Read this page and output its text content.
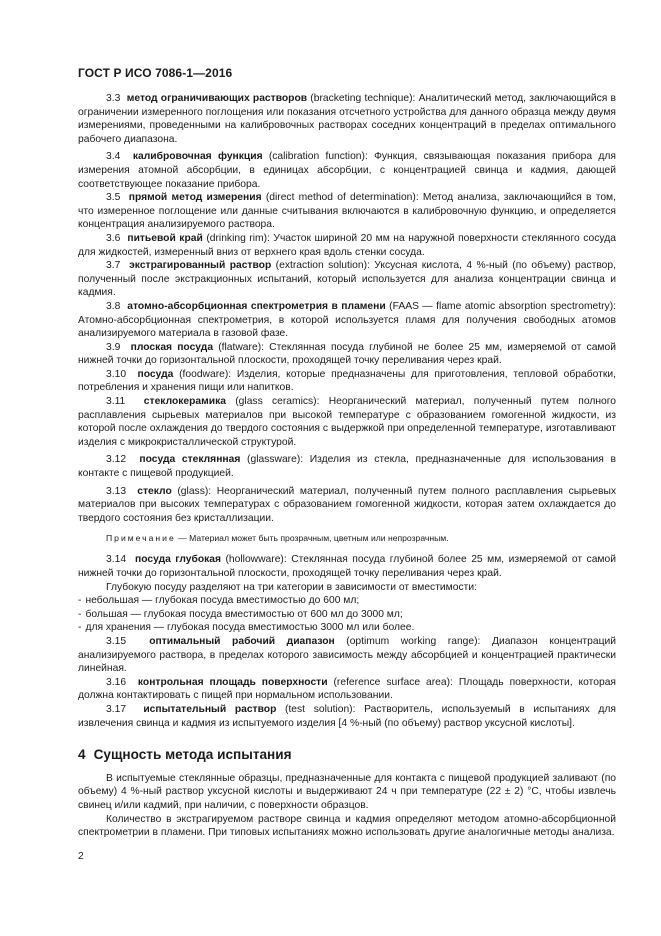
ГОСТ Р ИСО 7086-1—2016

3.3 метод ограничивающих растворов (bracketing technique): Аналитический метод, заключающийся в ограничении измеренного поглощения или показания отсчетного устройства для данного образца между двумя измерениями, проведенными на калибровочных растворах соседних концентраций в пределах оптимального рабочего диапазона.

3.4 калибровочная функция (calibration function): Функция, связывающая показания прибора для измерения атомной абсорбции, в единицах абсорбции, с концентрацией свинца и кадмия, дающей соответствующее показание прибора.

3.5 прямой метод измерения (direct method of determination): Метод анализа, заключающийся в том, что измеренное поглощение или данные считывания включаются в калибровочную функцию, и определяется концентрация анализируемого раствора.

3.6 питьевой край (drinking rim): Участок шириной 20 мм на наружной поверхности стеклянного сосуда для жидкостей, измеренный вниз от верхнего края вдоль стенки сосуда.

3.7 экстрагированный раствор (extraction solution): Уксусная кислота, 4 %-ный (по объему) раствор, полученный после экстракционных испытаний, который используется для анализа концентрации свинца и кадмия.

3.8 атомно-абсорбционная спектрометрия в пламени (FAAS — flame atomic absorption spectrometry): Атомно-абсорбционная спектрометрия, в которой используется пламя для получения свободных атомов анализируемого материала в газовой фазе.

3.9 плоская посуда (flatware): Стеклянная посуда глубиной не более 25 мм, измеряемой от самой нижней точки до горизонтальной плоскости, проходящей точку переливания через край.

3.10 посуда (foodware): Изделия, которые предназначены для приготовления, тепловой обработки, потребления и хранения пищи или напитков.

3.11 стеклокерамика (glass ceramics): Неорганический материал, полученный путем полного расплавления сырьевых материалов при высокой температуре с образованием гомогенной жидкости, из которой после охлаждения до твердого состояния с выдержкой при определенной температуре, изготавливают изделия с микрокристаллической структурой.

3.12 посуда стеклянная (glassware): Изделия из стекла, предназначенные для использования в контакте с пищевой продукцией.

3.13 стекло (glass): Неорганический материал, полученный путем полного расплавления сырьевых материалов при высоких температурах с образованием гомогенной жидкости, которая затем охлаждается до твердого состояния без кристаллизации.

Примечание — Материал может быть прозрачным, цветным или непрозрачным.

3.14 посуда глубокая (hollowware): Стеклянная посуда глубиной более 25 мм, измеряемой от самой нижней точки до горизонтальной плоскости, проходящей точку переливания через край.

Глубокую посуду разделяют на три категории в зависимости от вместимости:

- небольшая — глубокая посуда вместимостью до 600 мл;

- большая — глубокая посуда вместимостью от 600 мл до 3000 мл;

- для хранения — глубокая посуда вместимостью 3000 мл или более.

3.15 оптимальный рабочий диапазон (optimum working range): Диапазон концентраций анализируемого раствора, в пределах которого зависимость между абсорбцией и концентрацией практически линейная.

3.16 контрольная площадь поверхности (reference surface area): Площадь поверхности, которая должна контактировать с пищей при нормальном использовании.

3.17 испытательный раствор (test solution): Растворитель, используемый в испытаниях для извлечения свинца и кадмия из испытуемого изделия [4 %-ный (по объему) раствор уксусной кислоты].

4 Сущность метода испытания

В испытуемые стеклянные образцы, предназначенные для контакта с пищевой продукцией заливают (по объему) 4 %-ный раствор уксусной кислоты и выдерживают 24 ч при температуре (22 ± 2) °С, чтобы извлечь свинец и/или кадмий, при наличии, с поверхности образцов.

Количество в экстрагируемом растворе свинца и кадмия определяют методом атомно-абсорбционной спектрометрии в пламени. При типовых испытаниях можно использовать другие аналогичные методы анализа.

2
